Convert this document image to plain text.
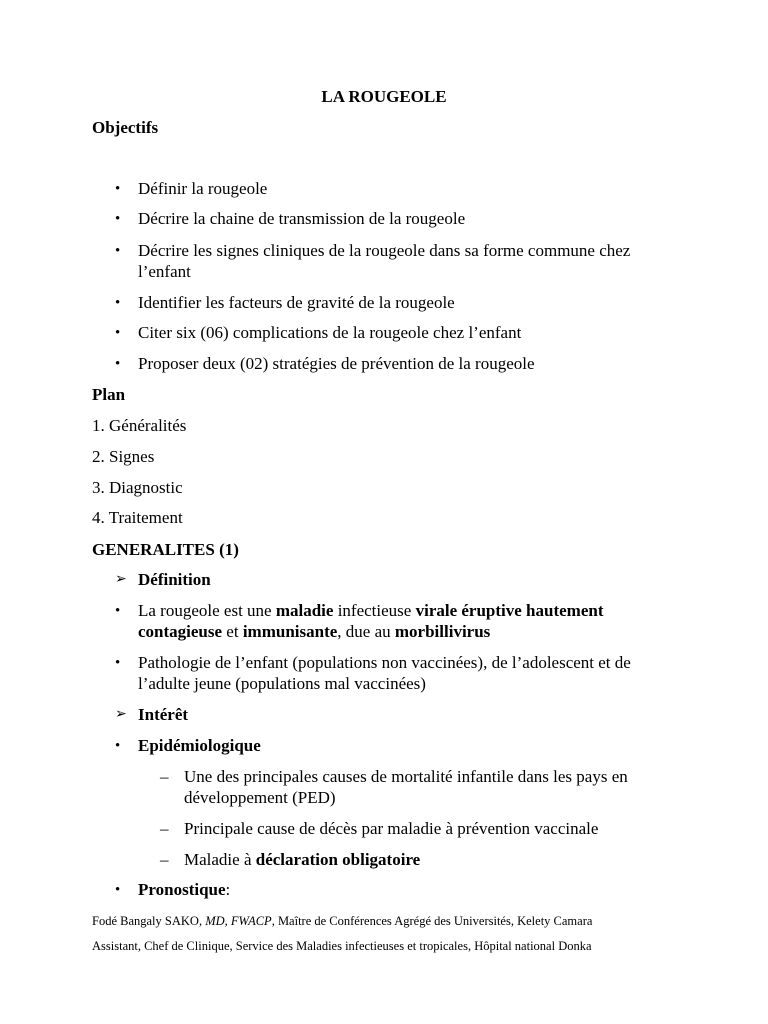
LA ROUGEOLE
Objectifs
• Définir la rougeole
• Décrire la chaine de transmission de la rougeole
• Décrire les signes cliniques de la rougeole dans sa forme commune chez
l’enfant
• Identifier les facteurs de gravité de la rougeole
• Citer six (06) complications de la rougeole chez l’enfant
• Proposer deux (02) stratégies de prévention de la rougeole
Plan
1. Généralités
2. Signes
3. Diagnostic
4. Traitement
GENERALITES (1)
➢ Définition
• La rougeole est une maladie infectieuse virale éruptive hautement
contagieuse et immunisante, due au morbillivirus
• Pathologie de l’enfant (populations non vaccinées), de l’adolescent et de
l’adulte jeune (populations mal vaccinées)
➢ Intérêt
• Epidémiologique
– Une des principales causes de mortalité infantile dans les pays en
développement (PED)
– Principale cause de décès par maladie à prévention vaccinale
– Maladie à déclaration obligatoire
• Pronostique:
Fodé Bangaly SAKO, MD, FWACP, Maître de Conférences Agrégé des Universités, Kelety Camara
Assistant, Chef de Clinique, Service des Maladies infectieuses et tropicales, Hôpital national Donka
